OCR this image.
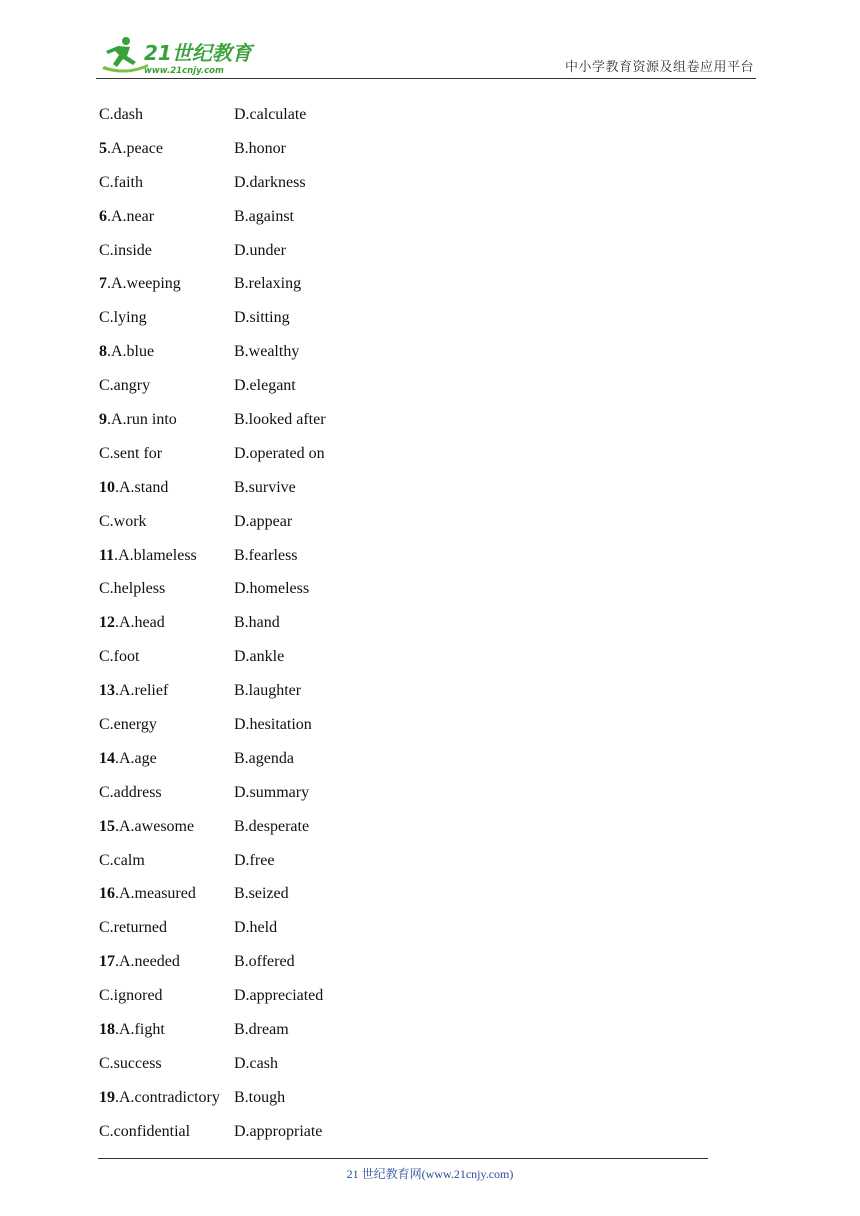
21世纪教育
www.21cnjy.com	中小学教育资源及组卷应用平台
C.dash	D.calculate
5.A.peace	B.honor
C.faith	D.darkness
6.A.near	B.against
C.inside	D.under
7.A.weeping	B.relaxing
C.lying	D.sitting
8.A.blue	B.wealthy
C.angry	D.elegant
9.A.run into	B.looked after
C.sent for	D.operated on
10.A.stand	B.survive
C.work	D.appear
11.A.blameless B.fearless
C.helpless	D.homeless
12.A.head	B.hand
C.foot	D.ankle
13.A.relief	B.laughter
C.energy	D.hesitation
14.A.age	B.agenda
C.address	D.summary
15.A.awesome B.desperate
C.calm	D.free
16.A.measured B.seized
C.returned	D.held
17.A.needed	B.offered
C.ignored	D.appreciated
18.A.fight	B.dream
C.success	D.cash
19.A.contradictory B.tough
C.confidential	D.appropriate
21 世纪教育网(www.21cnjy.com)
